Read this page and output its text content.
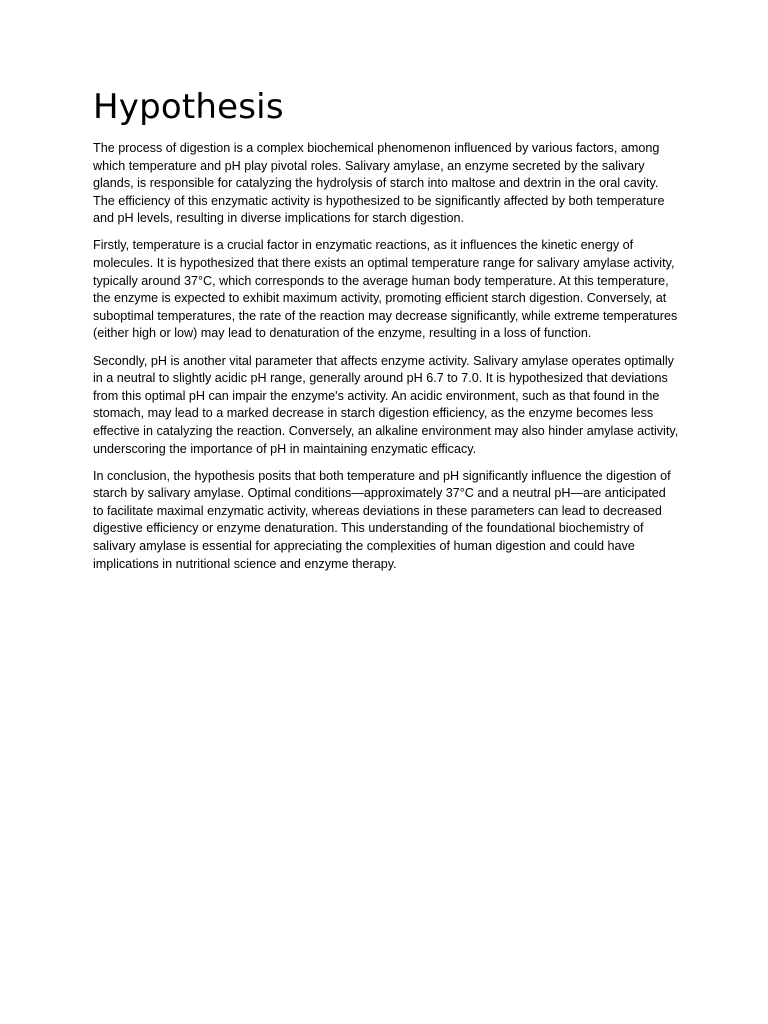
Hypothesis

The process of digestion is a complex biochemical phenomenon influenced by various factors, among which temperature and pH play pivotal roles. Salivary amylase, an enzyme secreted by the salivary glands, is responsible for catalyzing the hydrolysis of starch into maltose and dextrin in the oral cavity. The efficiency of this enzymatic activity is hypothesized to be significantly affected by both temperature and pH levels, resulting in diverse implications for starch digestion.

Firstly, temperature is a crucial factor in enzymatic reactions, as it influences the kinetic energy of molecules. It is hypothesized that there exists an optimal temperature range for salivary amylase activity, typically around 37°C, which corresponds to the average human body temperature. At this temperature, the enzyme is expected to exhibit maximum activity, promoting efficient starch digestion. Conversely, at suboptimal temperatures, the rate of the reaction may decrease significantly, while extreme temperatures (either high or low) may lead to denaturation of the enzyme, resulting in a loss of function.

Secondly, pH is another vital parameter that affects enzyme activity. Salivary amylase operates optimally in a neutral to slightly acidic pH range, generally around pH 6.7 to 7.0. It is hypothesized that deviations from this optimal pH can impair the enzyme's activity. An acidic environment, such as that found in the stomach, may lead to a marked decrease in starch digestion efficiency, as the enzyme becomes less effective in catalyzing the reaction. Conversely, an alkaline environment may also hinder amylase activity, underscoring the importance of pH in maintaining enzymatic efficacy.

In conclusion, the hypothesis posits that both temperature and pH significantly influence the digestion of starch by salivary amylase. Optimal conditions—approximately 37°C and a neutral pH—are anticipated to facilitate maximal enzymatic activity, whereas deviations in these parameters can lead to decreased digestive efficiency or enzyme denaturation. This understanding of the foundational biochemistry of salivary amylase is essential for appreciating the complexities of human digestion and could have implications in nutritional science and enzyme therapy.
